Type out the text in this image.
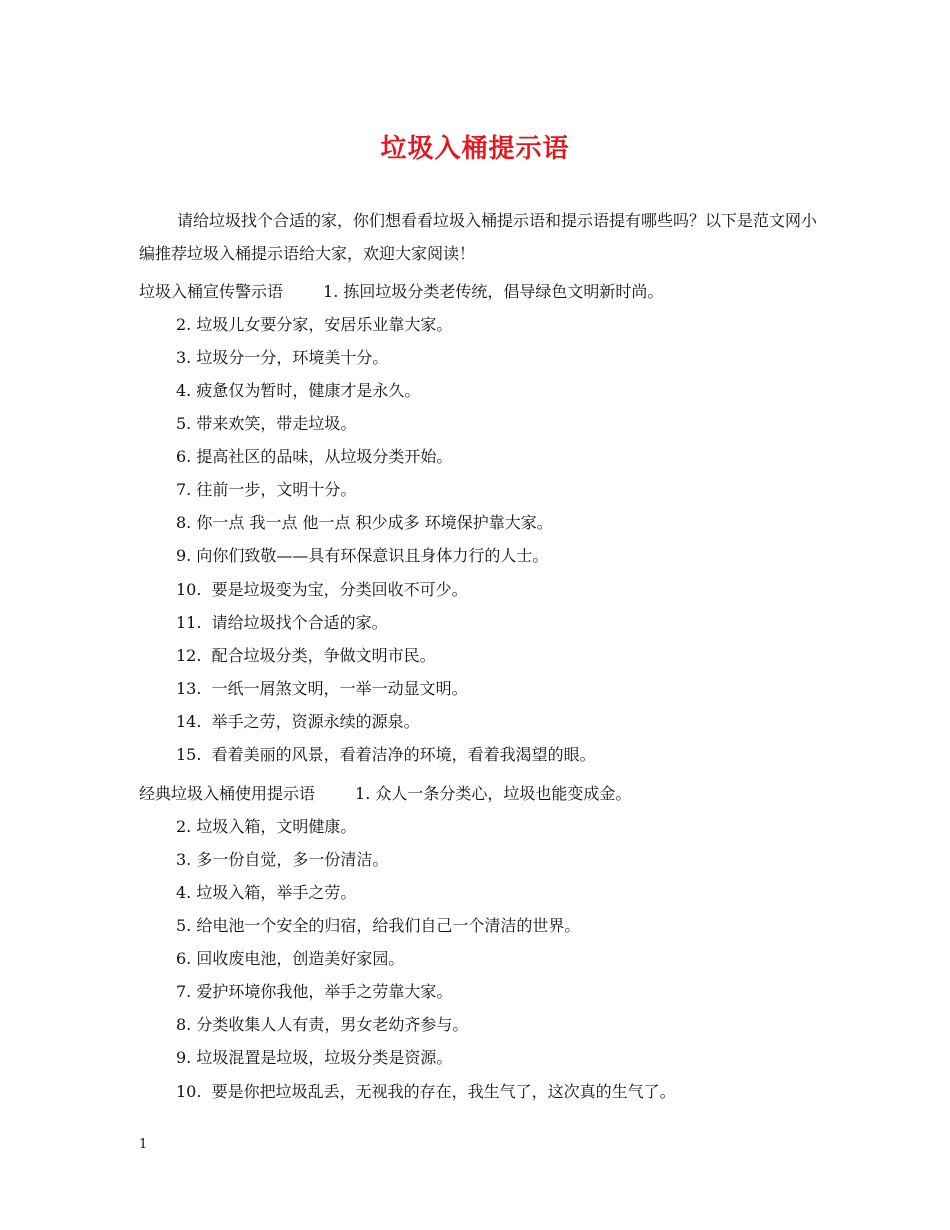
垃圾入桶提示语
请给垃圾找个合适的家，你们想看看垃圾入桶提示语和提示语提有哪些吗？以下是范文网小编推荐垃圾入桶提示语给大家，欢迎大家阅读！
垃圾入桶宣传警示语	1. 拣回垃圾分类老传统，倡导绿色文明新时尚。
2. 垃圾儿女要分家，安居乐业靠大家。
3. 垃圾分一分，环境美十分。
4. 疲惫仅为暂时，健康才是永久。
5. 带来欢笑，带走垃圾。
6. 提高社区的品味，从垃圾分类开始。
7. 往前一步，文明十分。
8. 你一点 我一点 他一点 积少成多 环境保护靠大家。
9. 向你们致敬——具有环保意识且身体力行的人士。
10. 要是垃圾变为宝，分类回收不可少。
11. 请给垃圾找个合适的家。
12. 配合垃圾分类，争做文明市民。
13. 一纸一屑煞文明，一举一动显文明。
14. 举手之劳，资源永续的源泉。
15. 看着美丽的风景，看着洁净的环境，看着我渴望的眼。
经典垃圾入桶使用提示语	1. 众人一条分类心，垃圾也能变成金。
2. 垃圾入箱，文明健康。
3. 多一份自觉，多一份清洁。
4. 垃圾入箱，举手之劳。
5. 给电池一个安全的归宿，给我们自己一个清洁的世界。
6. 回收废电池，创造美好家园。
7. 爱护环境你我他，举手之劳靠大家。
8. 分类收集人人有责，男女老幼齐参与。
9. 垃圾混置是垃圾，垃圾分类是资源。
10. 要是你把垃圾乱丢，无视我的存在，我生气了，这次真的生气了。
1
